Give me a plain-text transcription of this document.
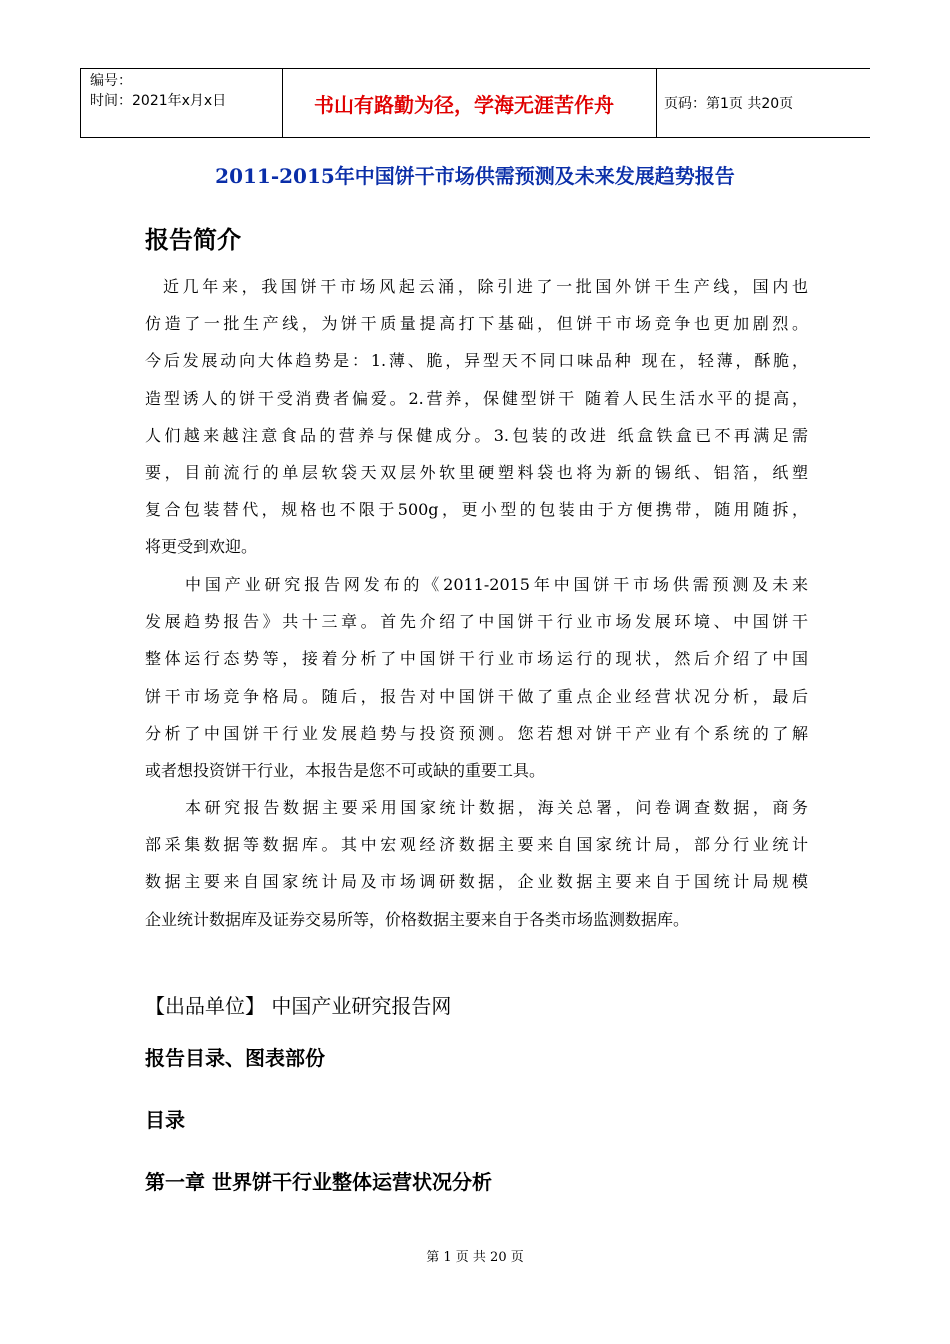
编号：
时间：2021年x月x日	书山有路勤为径，学海无涯苦作舟	页码：第1页 共20页
2011-2015年中国饼干市场供需预测及未来发展趋势报告
报告简介
近几年来，我国饼干市场风起云涌，除引进了一批国外饼干生产线，国内也
仿造了一批生产线，为饼干质量提高打下基础，但饼干市场竞争也更加剧烈。
今后发展动向大体趋势是：1.薄、脆，异型天不同口味品种 现在，轻薄，酥脆，
造型诱人的饼干受消费者偏爱。2.营养，保健型饼干 随着人民生活水平的提高，
人们越来越注意食品的营养与保健成分。3.包装的改进 纸盒铁盒已不再满足需
要，目前流行的单层软袋天双层外软里硬塑料袋也将为新的锡纸、铝箔，纸塑
复合包装替代，规格也不限于500g，更小型的包装由于方便携带，随用随拆，
将更受到欢迎。
中国产业研究报告网发布的《2011-2015年中国饼干市场供需预测及未来
发展趋势报告》共十三章。首先介绍了中国饼干行业市场发展环境、中国饼干
整体运行态势等，接着分析了中国饼干行业市场运行的现状，然后介绍了中国
饼干市场竞争格局。随后，报告对中国饼干做了重点企业经营状况分析，最后
分析了中国饼干行业发展趋势与投资预测。您若想对饼干产业有个系统的了解
或者想投资饼干行业，本报告是您不可或缺的重要工具。
本研究报告数据主要采用国家统计数据，海关总署，问卷调查数据，商务
部采集数据等数据库。其中宏观经济数据主要来自国家统计局，部分行业统计
数据主要来自国家统计局及市场调研数据，企业数据主要来自于国统计局规模
企业统计数据库及证券交易所等，价格数据主要来自于各类市场监测数据库。
【出品单位】 中国产业研究报告网
报告目录、图表部份
目录
第一章 世界饼干行业整体运营状况分析
第 1 页 共 20 页
